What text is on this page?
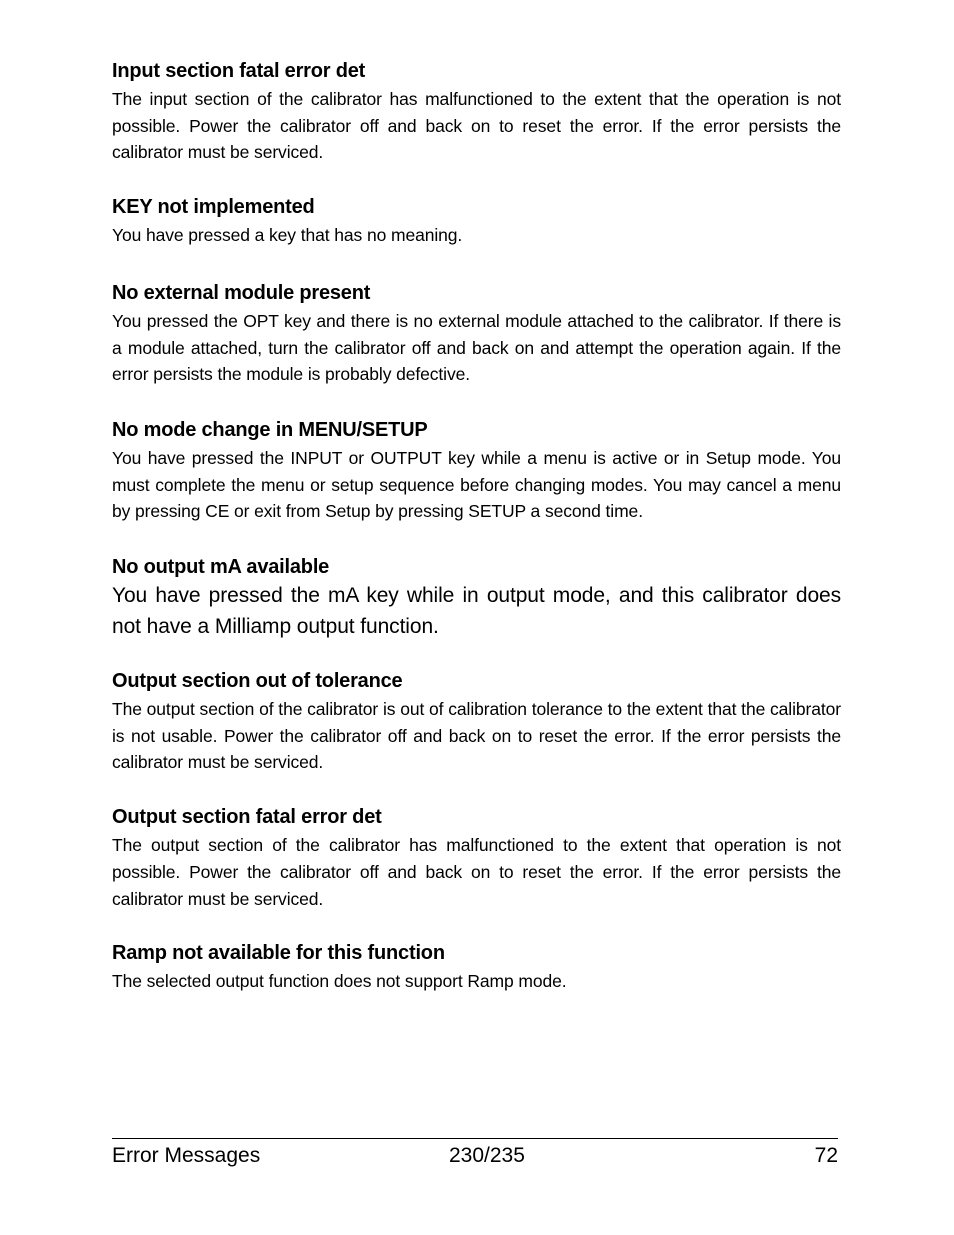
Input section fatal error det

The input section of the calibrator has malfunctioned to the extent that the operation is not possible. Power the calibrator off and back on to reset the error. If the error persists the calibrator must be serviced.

KEY not implemented

You have pressed a key that has no meaning.

No external module present

You pressed the OPT key and there is no external module attached to the calibrator. If there is a module attached, turn the calibrator off and back on and attempt the operation again. If the error persists the module is probably defective.

No mode change in MENU/SETUP

You have pressed the INPUT or OUTPUT key while a menu is active or in Setup mode. You must complete the menu or setup sequence before changing modes. You may cancel a menu by pressing CE or exit from Setup by pressing SETUP a second time.

No output mA available

You have pressed the mA key while in output mode, and this calibrator does not have a Milliamp output function.

Output section out of tolerance

The output section of the calibrator is out of calibration tolerance to the extent that the calibrator is not usable. Power the calibrator off and back on to reset the error. If the error persists the calibrator must be serviced.

Output section fatal error det

The output section of the calibrator has malfunctioned to the extent that operation is not possible. Power the calibrator off and back on to reset the error. If the error persists the calibrator must be serviced.

Ramp not available for this function

The selected output function does not support Ramp mode.

Error Messages	230/235	72
